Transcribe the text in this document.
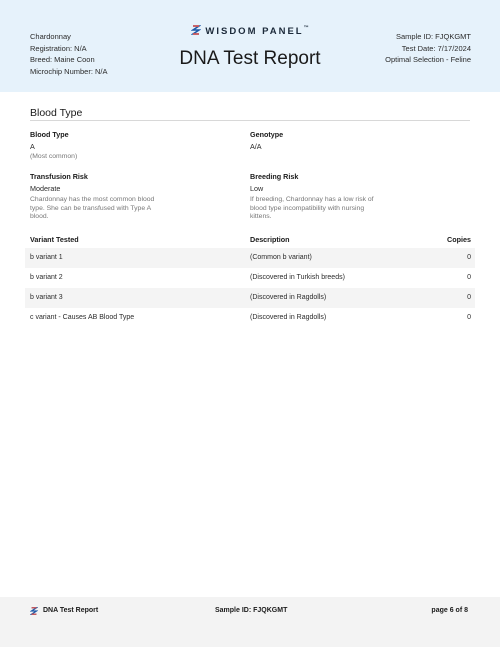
Chardonnay
Registration: N/A
Breed: Maine Coon
Microchip Number: N/A
WISDOM PANEL™
DNA Test Report
Sample ID: FJQKGMT
Test Date: 7/17/2024
Optimal Selection - Feline
Blood Type
Blood Type
A
(Most common)
Genotype
A/A
Transfusion Risk
Moderate
Chardonnay has the most common blood type. She can be transfused with Type A blood.
Breeding Risk
Low
If breeding, Chardonnay has a low risk of blood type incompatibility with nursing kittens.
Variant Tested	Description	Copies
b variant 1	(Common b variant)	0
b variant 2	(Discovered in Turkish breeds)	0
b variant 3	(Discovered in Ragdolls)	0
c variant - Causes AB Blood Type	(Discovered in Ragdolls)	0
DNA Test Report	Sample ID: FJQKGMT	page 6 of 8
